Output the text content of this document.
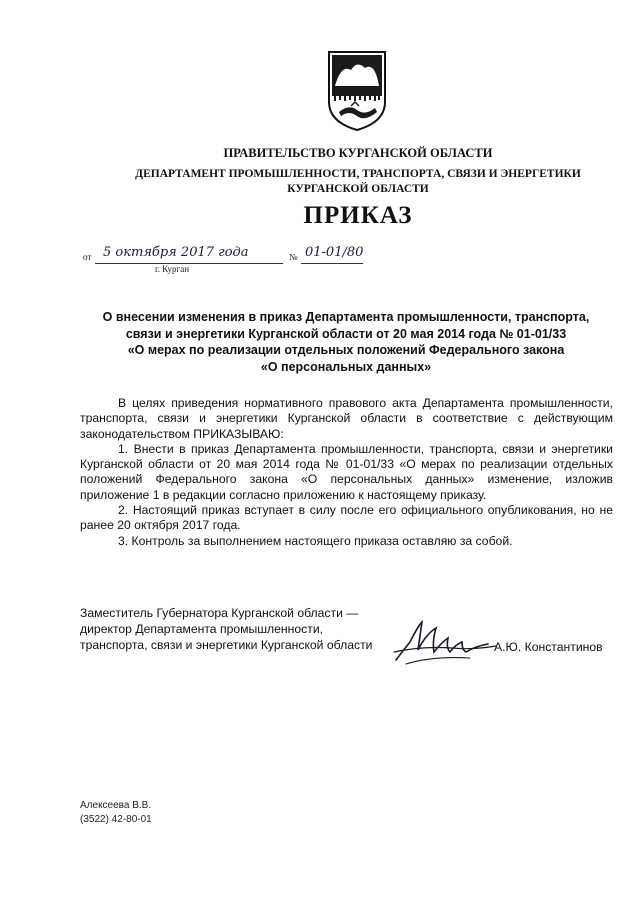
ПРАВИТЕЛЬСТВО КУРГАНСКОЙ ОБЛАСТИ
ДЕПАРТАМЕНТ ПРОМЫШЛЕННОСТИ, ТРАНСПОРТА, СВЯЗИ И ЭНЕРГЕТИКИ
КУРГАНСКОЙ ОБЛАСТИ
ПРИКАЗ
от 5 октября 2017 года	№ 01-01/80
г. Курган
О внесении изменения в приказ Департамента промышленности, транспорта,
связи и энергетики Курганской области от 20 мая 2014 года № 01-01/33
«О мерах по реализации отдельных положений Федерального закона
«О персональных данных»

В целях приведения нормативного правового акта Департамента промышленности, транспорта, связи и энергетики Курганской области в соответствие с действующим законодательством ПРИКАЗЫВАЮ:

1. Внести в приказ Департамента промышленности, транспорта, связи и энергетики Курганской области от 20 мая 2014 года № 01-01/33 «О мерах по реализации отдельных положений Федерального закона «О персональных данных» изменение, изложив приложение 1 в редакции согласно приложению к настоящему приказу.

2. Настоящий приказ вступает в силу после его официального опубликования, но не ранее 20 октября 2017 года.

3. Контроль за выполнением настоящего приказа оставляю за собой.

Заместитель Губернатора Курганской области —
директор Департамента промышленности,
транспорта, связи и энергетики Курганской области	А.Ю. Константинов
Алексеева В.В.
(3522) 42-80-01
